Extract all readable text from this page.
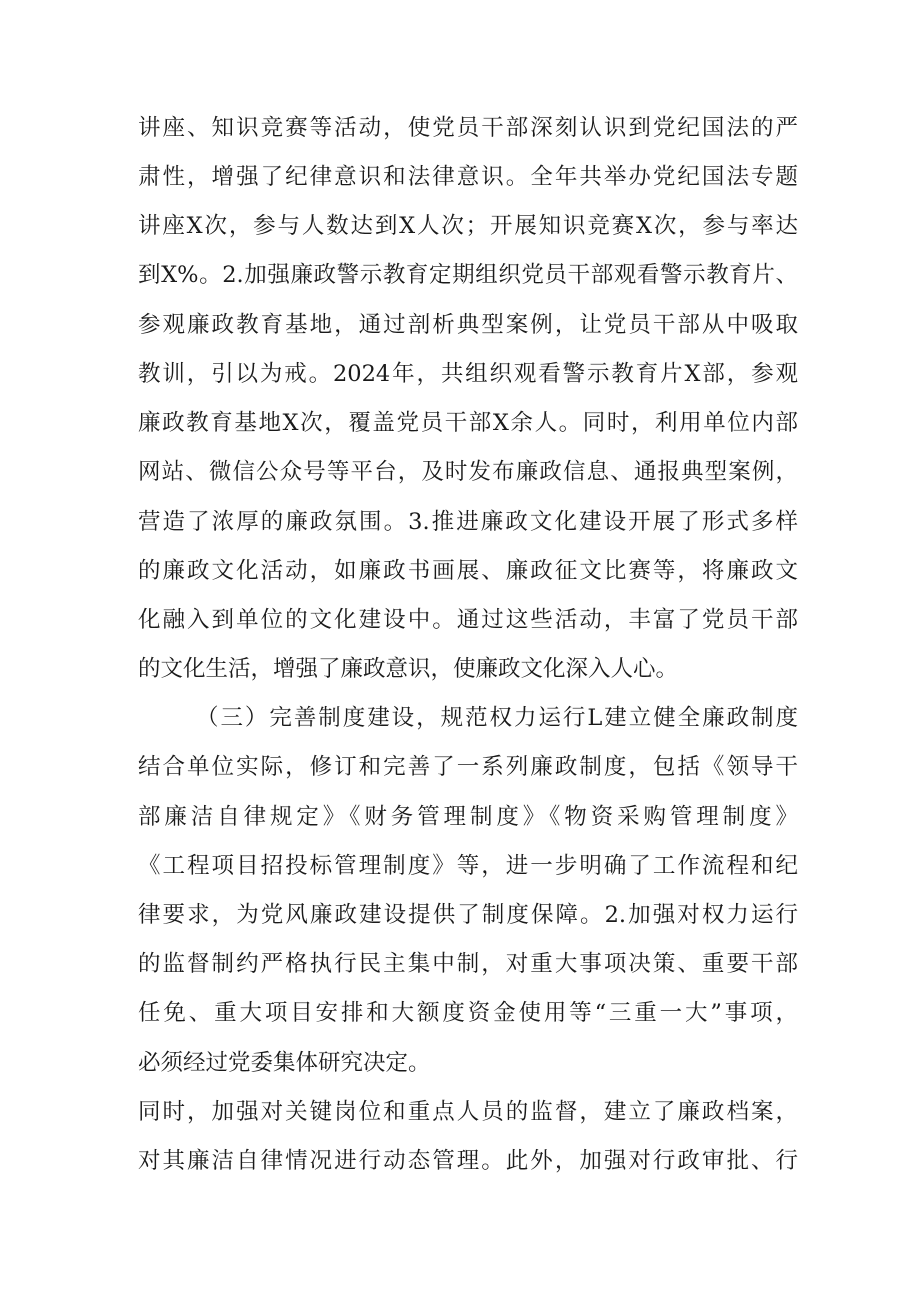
讲座、知识竞赛等活动，使党员干部深刻认识到党纪国法的严
肃性，增强了纪律意识和法律意识。全年共举办党纪国法专题
讲座X次，参与人数达到X人次；开展知识竞赛X次，参与率达
到X%。2.加强廉政警示教育定期组织党员干部观看警示教育片、
参观廉政教育基地，通过剖析典型案例，让党员干部从中吸取
教训，引以为戒。2024年，共组织观看警示教育片X部，参观
廉政教育基地X次，覆盖党员干部X余人。同时，利用单位内部
网站、微信公众号等平台，及时发布廉政信息、通报典型案例，
营造了浓厚的廉政氛围。3.推进廉政文化建设开展了形式多样
的廉政文化活动，如廉政书画展、廉政征文比赛等，将廉政文
化融入到单位的文化建设中。通过这些活动，丰富了党员干部
的文化生活，增强了廉政意识，使廉政文化深入人心。
（三）完善制度建设，规范权力运行L建立健全廉政制度
结合单位实际，修订和完善了一系列廉政制度，包括《领导干
部廉洁自律规定》《财务管理制度》《物资采购管理制度》
《工程项目招投标管理制度》等，进一步明确了工作流程和纪
律要求，为党风廉政建设提供了制度保障。2.加强对权力运行
的监督制约严格执行民主集中制，对重大事项决策、重要干部
任免、重大项目安排和大额度资金使用等“三重一大”事项，
必须经过党委集体研究决定。
同时，加强对关键岗位和重点人员的监督，建立了廉政档案，
对其廉洁自律情况进行动态管理。此外，加强对行政审批、行
